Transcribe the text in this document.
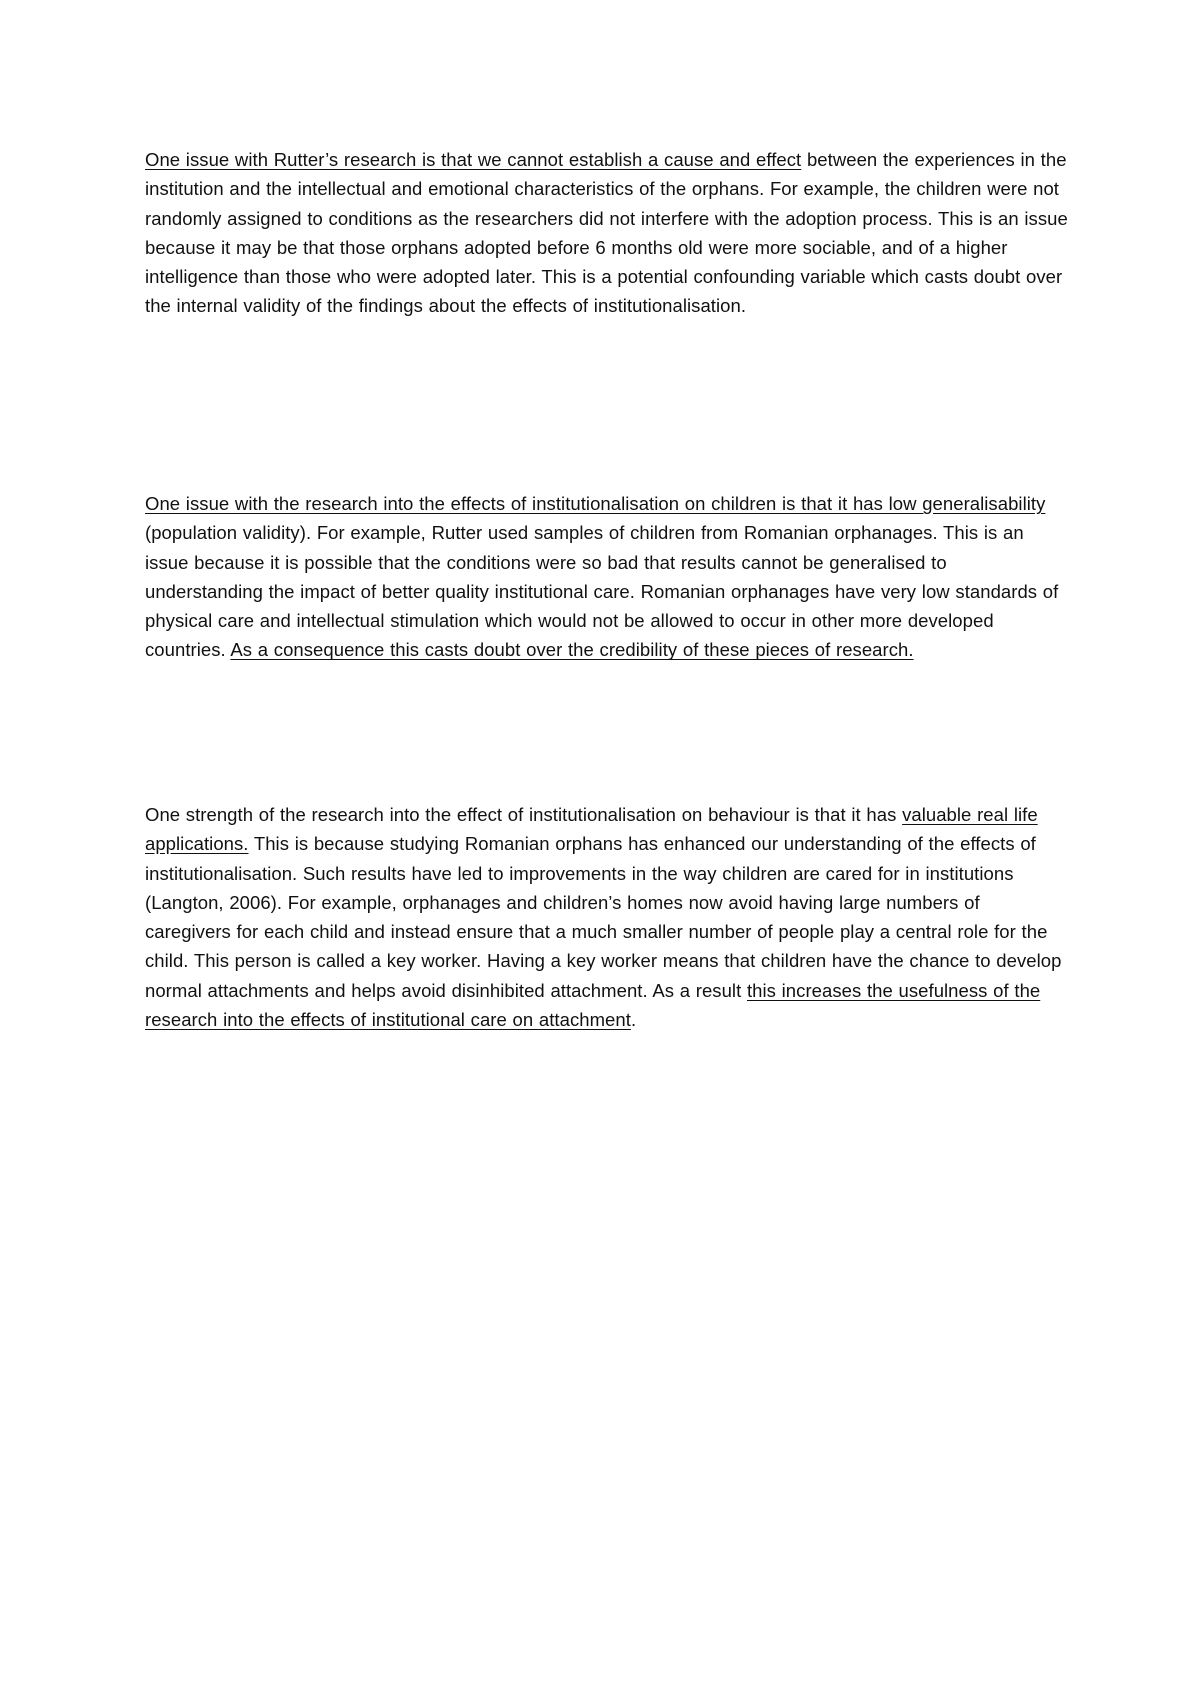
One issue with Rutter’s research is that we cannot establish a cause and effect between the experiences in the institution and the intellectual and emotional characteristics of the orphans. For example, the children were not randomly assigned to conditions as the researchers did not interfere with the adoption process. This is an issue because it may be that those orphans adopted before 6 months old were more sociable, and of a higher intelligence than those who were adopted later. This is a potential confounding variable which casts doubt over the internal validity of the findings about the effects of institutionalisation.

One issue with the research into the effects of institutionalisation on children is that it has low generalisability (population validity). For example, Rutter used samples of children from Romanian orphanages. This is an issue because it is possible that the conditions were so bad that results cannot be generalised to understanding the impact of better quality institutional care. Romanian orphanages have very low standards of physical care and intellectual stimulation which would not be allowed to occur in other more developed countries. As a consequence this casts doubt over the credibility of these pieces of research.

One strength of the research into the effect of institutionalisation on behaviour is that it has valuable real life applications. This is because studying Romanian orphans has enhanced our understanding of the effects of institutionalisation. Such results have led to improvements in the way children are cared for in institutions (Langton, 2006). For example, orphanages and children’s homes now avoid having large numbers of caregivers for each child and instead ensure that a much smaller number of people play a central role for the child. This person is called a key worker. Having a key worker means that children have the chance to develop normal attachments and helps avoid disinhibited attachment. As a result this increases the usefulness of the research into the effects of institutional care on attachment.
